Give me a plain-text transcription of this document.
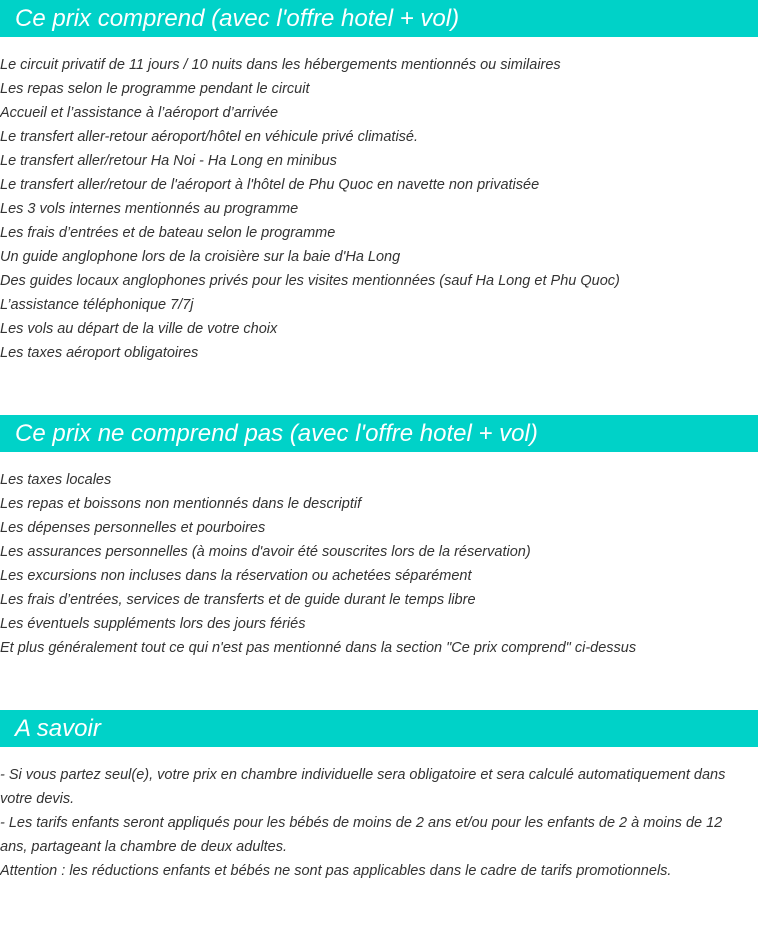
Ce prix comprend (avec l'offre hotel + vol)
Le circuit privatif de 11 jours / 10 nuits dans les hébergements mentionnés ou similaires
Les repas selon le programme pendant le circuit
Accueil et l’assistance à l’aéroport d’arrivée
Le transfert aller-retour aéroport/hôtel en véhicule privé climatisé.
Le transfert aller/retour Ha Noi - Ha Long en minibus
Le transfert aller/retour de l'aéroport à l'hôtel de Phu Quoc en navette non privatisée
Les 3 vols internes mentionnés au programme
Les frais d’entrées et de bateau selon le programme
Un guide anglophone lors de la croisière sur la baie d'Ha Long
Des guides locaux anglophones privés pour les visites mentionnées (sauf Ha Long et Phu Quoc)
L’assistance téléphonique 7/7j
Les vols au départ de la ville de votre choix
Les taxes aéroport obligatoires
Ce prix ne comprend pas (avec l'offre hotel + vol)
Les taxes locales
Les repas et boissons non mentionnés dans le descriptif
Les dépenses personnelles et pourboires
Les assurances personnelles (à moins d'avoir été souscrites lors de la réservation)
Les excursions non incluses dans la réservation ou achetées séparément
Les frais d’entrées, services de transferts et de guide durant le temps libre
Les éventuels suppléments lors des jours fériés
Et plus généralement tout ce qui n'est pas mentionné dans la section "Ce prix comprend" ci-dessus
A savoir

- Si vous partez seul(e), votre prix en chambre individuelle sera obligatoire et sera calculé automatiquement dans votre devis.

- Les tarifs enfants seront appliqués pour les bébés de moins de 2 ans et/ou pour les enfants de 2 à moins de 12 ans, partageant la chambre de deux adultes.

Attention : les réductions enfants et bébés ne sont pas applicables dans le cadre de tarifs promotionnels.
